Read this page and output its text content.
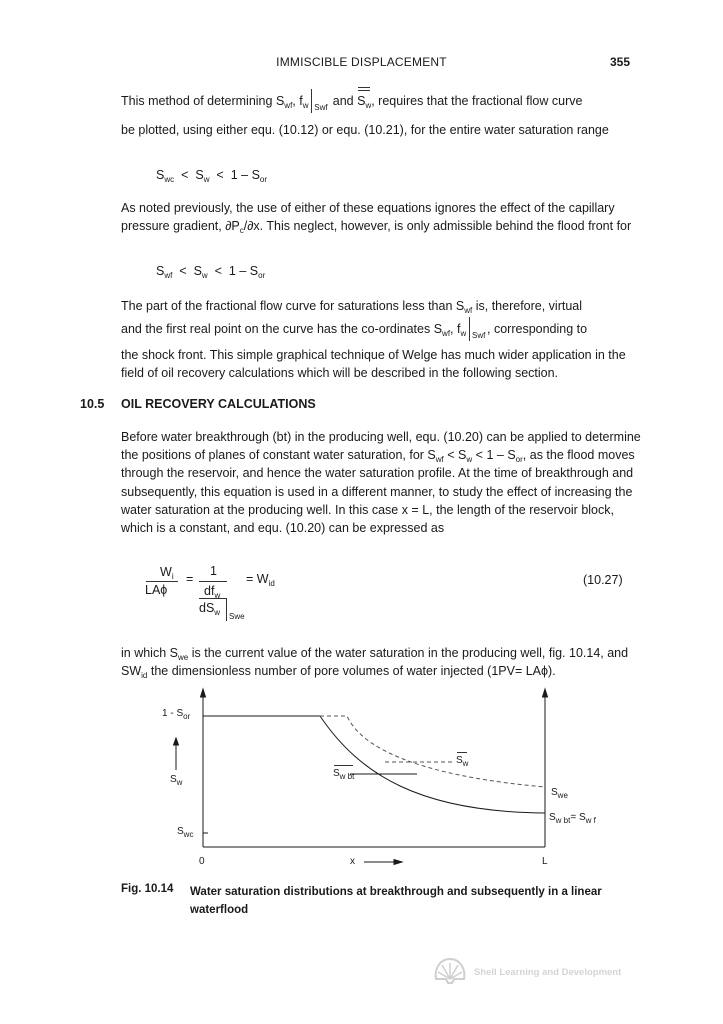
IMMISCIBLE DISPLACEMENT	355
This method of determining $S_{wf}$, $f_w$ Swf and $S_w$, requires that the fractional flow curve
be plotted, using either equ. (10.12) or equ. (10.21), for the entire water saturation range
$S_{wc} < S_w < 1 - S_{or}$
As noted previously, the use of either of these equations ignores the effect of the capillary pressure gradient, $\partial P_c/\partial x$. This neglect, however, is only admissible behind the flood front for
$S_{wf} < S_w < 1 - S_{or}$
The part of the fractional flow curve for saturations less than $S_{wf}$ is, therefore, virtual
and the first real point on the curve has the co-ordinates $S_{wf}$, $f_w$ Swf , corresponding to
the shock front. This simple graphical technique of Welge has much wider application in the field of oil recovery calculations which will be described in the following section.
10.5 OIL RECOVERY CALCULATIONS
Before water breakthrough (bt) in the producing well, equ. (10.20) can be applied to determine the positions of planes of constant water saturation, for $S_{wf} < S_w < 1 - S_{or}$, as the flood moves through the reservoir, and hence the water saturation profile. At the time of breakthrough and subsequently, this equation is used in a different manner, to study the effect of increasing the water saturation at the producing well. In this case x = L, the length of the reservoir block, which is a constant, and equ. (10.20) can be expressed as
$W_i$
LAϕ
=
1
$df_w$
$dS_w$ Swe
= $W_{id}$	(10.27)
in which $S_{we}$ is the current value of the water saturation in the producing well, fig. 10.14, and $SW_{id}$ the dimensionless number of pore volumes of water injected (1PV= LAϕ).
$1 - S_{or}$
$S_w$
$S_{wc}$
$S_w$
$S_{w bt}$
$S_{we}$
$S_{w bt}= S_{w f}$
0	x	L
Fig. 10.14 Water saturation distributions at breakthrough and subsequently in a linear waterflood
Shell Learning and Development
